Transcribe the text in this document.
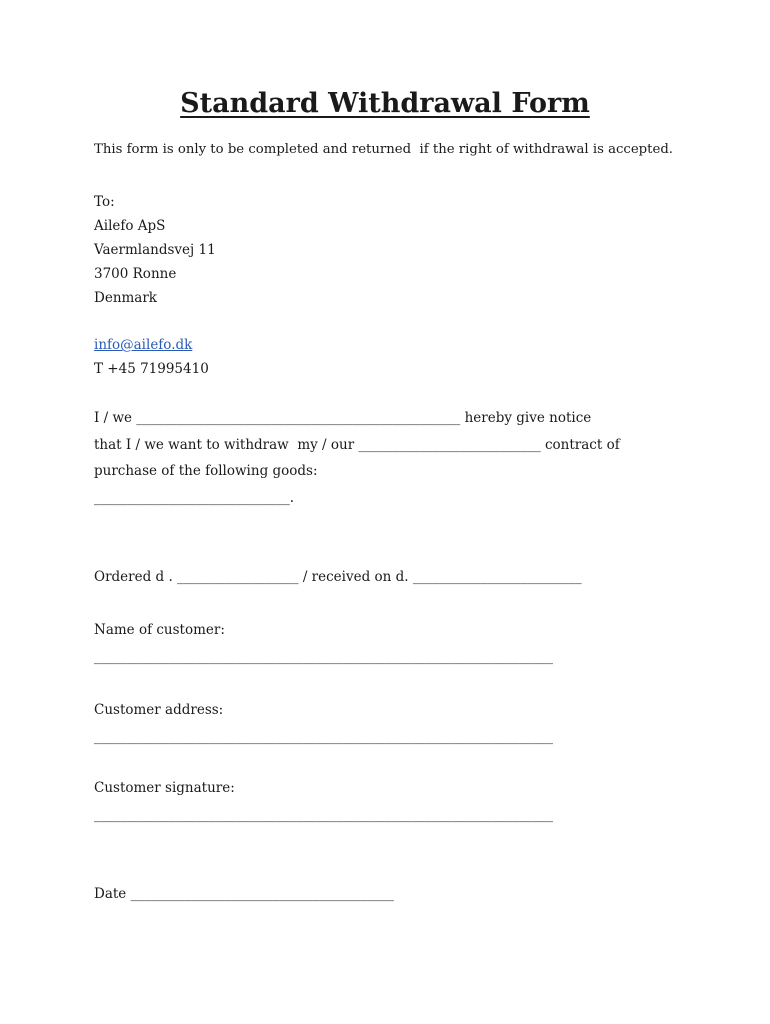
Standard Withdrawal Form
This form is only to be completed and returned  if the right of withdrawal is accepted.
To:
Ailefo ApS
Vaermlandsvej 11
3700 Ronne
Denmark
info@ailefo.dk
T +45 71995410
I / we ________________________________________________ hereby give notice
that I / we want to withdraw  my / our ___________________________ contract of
purchase of the following goods:
_____________________________.
Ordered d . __________________ / received on d. _________________________
Name of customer:
____________________________________________________________________
Customer address:
____________________________________________________________________
Customer signature:
____________________________________________________________________
Date _______________________________________
